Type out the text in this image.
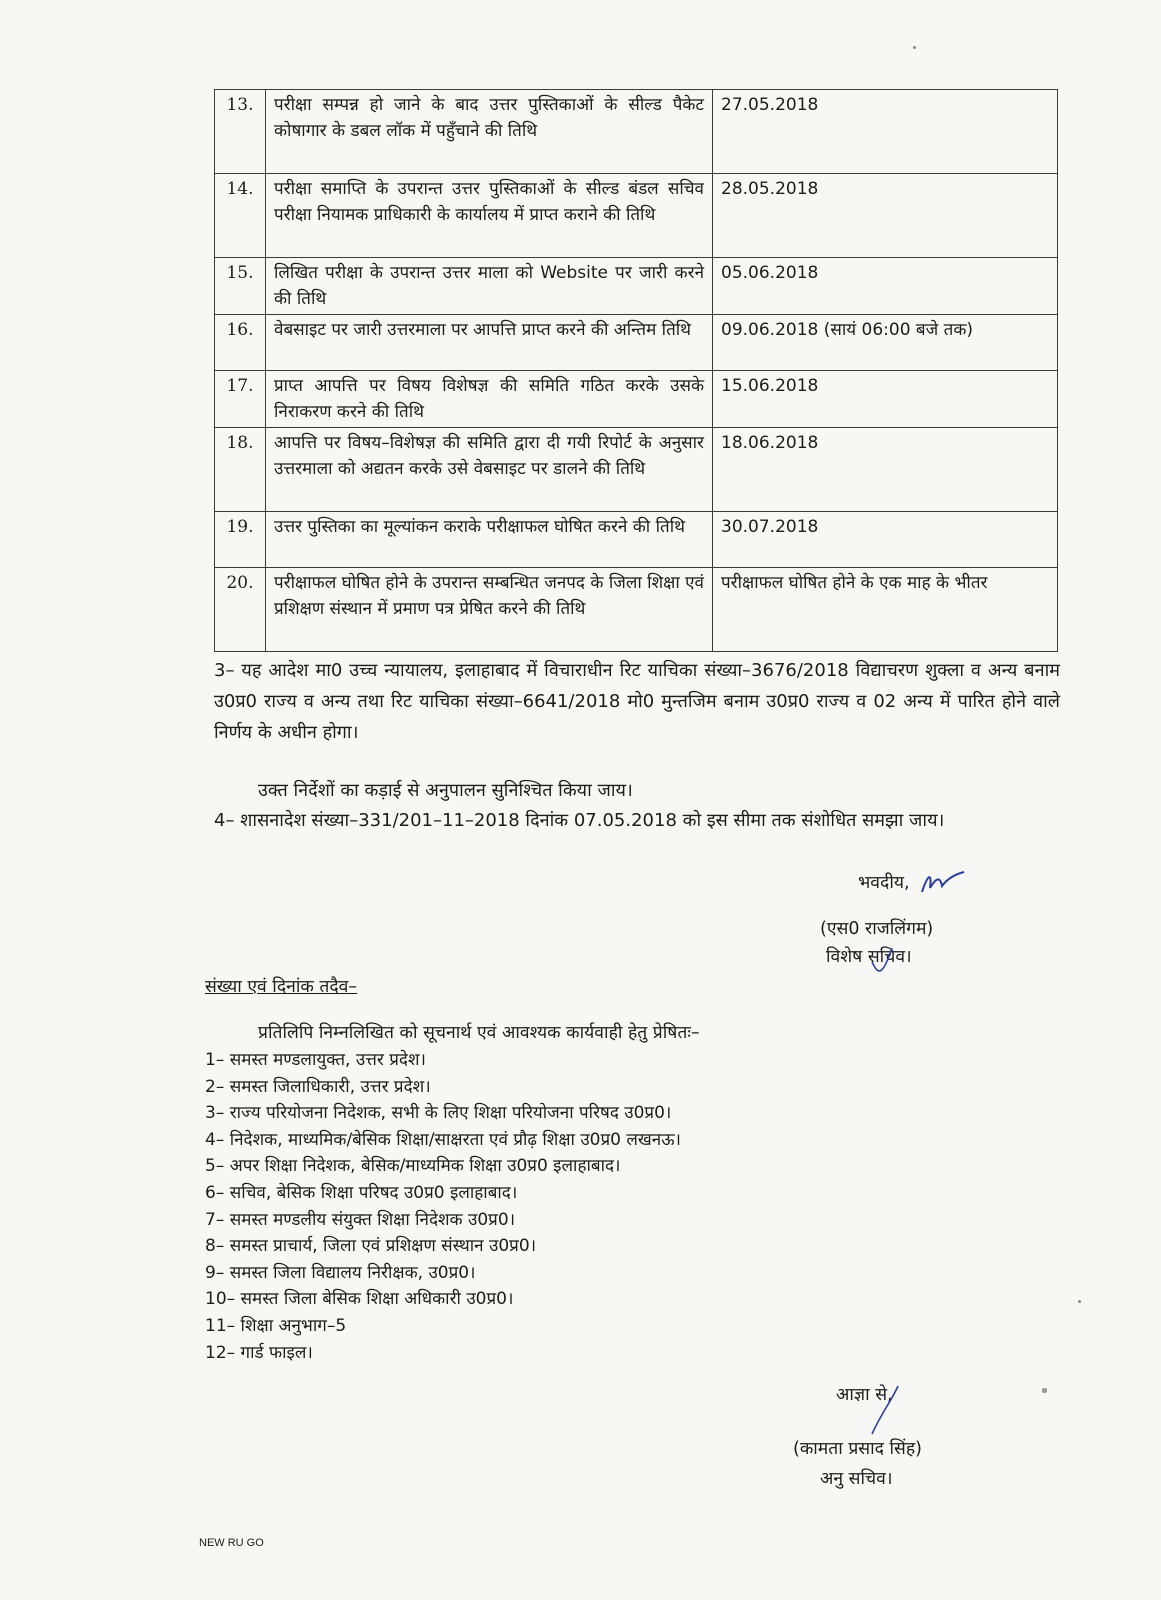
13.	परीक्षा सम्पन्न हो जाने के बाद उत्तर पुस्तिकाओं के सील्ड पैकेट कोषागार के डबल लॉक में पहुँचाने की तिथि	27.05.2018
14.	परीक्षा समाप्ति के उपरान्त उत्तर पुस्तिकाओं के सील्ड बंडल सचिव परीक्षा नियामक प्राधिकारी के कार्यालय में प्राप्त कराने की तिथि	28.05.2018
15.	लिखित परीक्षा के उपरान्त उत्तर माला को Website पर जारी करने की तिथि	05.06.2018
16.	वेबसाइट पर जारी उत्तरमाला पर आपत्ति प्राप्त करने की अन्तिम तिथि	09.06.2018 (सायं 06:00 बजे तक)
17.	प्राप्त आपत्ति पर विषय विशेषज्ञ की समिति गठित करके उसके निराकरण करने की तिथि	15.06.2018
18.	आपत्ति पर विषय–विशेषज्ञ की समिति द्वारा दी गयी रिपोर्ट के अनुसार उत्तरमाला को अद्यतन करके उसे वेबसाइट पर डालने की तिथि	18.06.2018
19.	उत्तर पुस्तिका का मूल्यांकन कराके परीक्षाफल घोषित करने की तिथि	30.07.2018
20.	परीक्षाफल घोषित होने के उपरान्त सम्बन्धित जनपद के जिला शिक्षा एवं प्रशिक्षण संस्थान में प्रमाण पत्र प्रेषित करने की तिथि	परीक्षाफल घोषित होने के एक माह के भीतर
3– यह आदेश मा0 उच्च न्यायालय, इलाहाबाद में विचाराधीन रिट याचिका संख्या–3676/2018 विद्याचरण शुक्ला व अन्य बनाम उ0प्र0 राज्य व अन्य तथा रिट याचिका संख्या–6641/2018 मो0 मुन्तजिम बनाम उ0प्र0 राज्य व 02 अन्य में पारित होने वाले निर्णय के अधीन होगा।
उक्त निर्देशों का कड़ाई से अनुपालन सुनिश्चित किया जाय।
4– शासनादेश संख्या–331/201–11–2018 दिनांक 07.05.2018 को इस सीमा तक संशोधित समझा जाय।
भवदीय,
(एस0 राजलिंगम)
विशेष सचिव।
संख्या एवं दिनांक तदैव–
प्रतिलिपि निम्नलिखित को सूचनार्थ एवं आवश्यक कार्यवाही हेतु प्रेषितः–
1– समस्त मण्डलायुक्त, उत्तर प्रदेश।
2– समस्त जिलाधिकारी, उत्तर प्रदेश।
3– राज्य परियोजना निदेशक, सभी के लिए शिक्षा परियोजना परिषद उ0प्र0।
4– निदेशक, माध्यमिक/बेसिक शिक्षा/साक्षरता एवं प्रौढ़ शिक्षा उ0प्र0 लखनऊ।
5– अपर शिक्षा निदेशक, बेसिक/माध्यमिक शिक्षा उ0प्र0 इलाहाबाद।
6– सचिव, बेसिक शिक्षा परिषद उ0प्र0 इलाहाबाद।
7– समस्त मण्डलीय संयुक्त शिक्षा निदेशक उ0प्र0।
8– समस्त प्राचार्य, जिला एवं प्रशिक्षण संस्थान उ0प्र0।
9– समस्त जिला विद्यालय निरीक्षक, उ0प्र0।
10– समस्त जिला बेसिक शिक्षा अधिकारी उ0प्र0।
11– शिक्षा अनुभाग–5
12– गार्ड फाइल।
आज्ञा से,
(कामता प्रसाद सिंह)
अनु सचिव।
NEW RU GO
